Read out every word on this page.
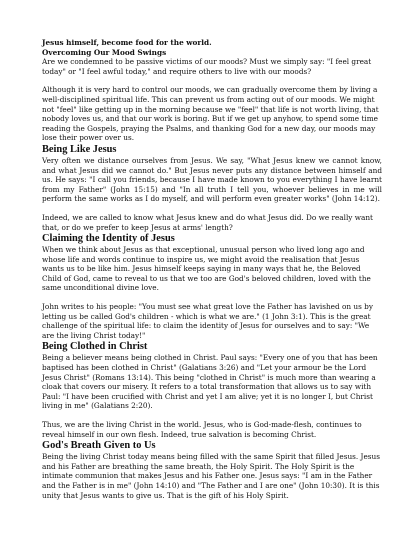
Jesus himself, become food for the world.

Overcoming Our Mood Swings

Are we condemned to be passive victims of our moods? Must we simply say: "I feel great today" or "I feel awful today," and require others to live with our moods?

Although it is very hard to control our moods, we can gradually overcome them by living a well-disciplined spiritual life. This can prevent us from acting out of our moods. We might not "feel" like getting up in the morning because we "feel" that life is not worth living, that nobody loves us, and that our work is boring. But if we get up anyhow, to spend some time reading the Gospels, praying the Psalms, and thanking God for a new day, our moods may lose their power over us.

Being Like Jesus

Very often we distance ourselves from Jesus. We say, "What Jesus knew we cannot know, and what Jesus did we cannot do." But Jesus never puts any distance between himself and us. He says: "I call you friends, because I have made known to you everything I have learnt from my Father" (John 15:15) and "In all truth I tell you, whoever believes in me will perform the same works as I do myself, and will perform even greater works" (John 14:12).

Indeed, we are called to know what Jesus knew and do what Jesus did. Do we really want that, or do we prefer to keep Jesus at arms' length?

Claiming the Identity of Jesus

When we think about Jesus as that exceptional, unusual person who lived long ago and whose life and words continue to inspire us, we might avoid the realisation that Jesus wants us to be like him. Jesus himself keeps saying in many ways that he, the Beloved Child of God, came to reveal to us that we too are God's beloved children, loved with the same unconditional divine love.

John writes to his people: "You must see what great love the Father has lavished on us by letting us be called God's children - which is what we are." (1 John 3:1). This is the great challenge of the spiritual life: to claim the identity of Jesus for ourselves and to say: "We are the living Christ today!"

Being Clothed in Christ

Being a believer means being clothed in Christ. Paul says: "Every one of you that has been baptised has been clothed in Christ" (Galatians 3:26) and "Let your armour be the Lord Jesus Christ" (Romans 13:14). This being "clothed in Christ" is much more than wearing a cloak that covers our misery. It refers to a total transformation that allows us to say with Paul: "I have been crucified with Christ and yet I am alive; yet it is no longer I, but Christ living in me" (Galatians 2:20).

Thus, we are the living Christ in the world. Jesus, who is God-made-flesh, continues to reveal himself in our own flesh. Indeed, true salvation is becoming Christ.

God's Breath Given to Us

Being the living Christ today means being filled with the same Spirit that filled Jesus. Jesus and his Father are breathing the same breath, the Holy Spirit. The Holy Spirit is the intimate communion that makes Jesus and his Father one. Jesus says: "I am in the Father and the Father is in me" (John 14:10) and "The Father and I are one" (John 10:30). It is this unity that Jesus wants to give us. That is the gift of his Holy Spirit.
